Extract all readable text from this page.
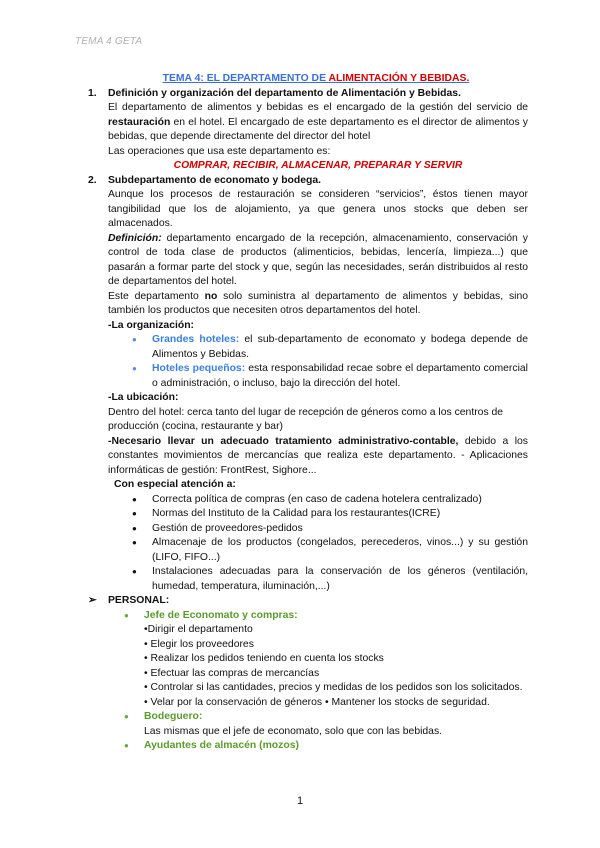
TEMA 4 GETA
TEMA 4: EL DEPARTAMENTO DE ALIMENTACIÓN Y BEBIDAS.
1.	Definición y organización del departamento de Alimentación y Bebidas.
El departamento de alimentos y bebidas es el encargado de la gestión del servicio de restauración en el hotel. El encargado de este departamento es el director de alimentos y bebidas, que depende directamente del director del hotel
Las operaciones que usa este departamento es:
COMPRAR, RECIBIR, ALMACENAR, PREPARAR Y SERVIR
2.	Subdepartamento de economato y bodega.
Aunque los procesos de restauración se consideren “servicios”, éstos tienen mayor tangibilidad que los de alojamiento, ya que genera unos stocks que deben ser almacenados.
Definición: departamento encargado de la recepción, almacenamiento, conservación y control de toda clase de productos (alimenticios, bebidas, lencería, limpieza...) que pasarán a formar parte del stock y que, según las necesidades, serán distribuidos al resto de departamentos del hotel.
Este departamento no solo suministra al departamento de alimentos y bebidas, sino también los productos que necesiten otros departamentos del hotel.
-La organización:
● Grandes hoteles: el sub-departamento de economato y bodega depende de Alimentos y Bebidas.
● Hoteles pequeños: esta responsabilidad recae sobre el departamento comercial o administración, o incluso, bajo la dirección del hotel.
-La ubicación:
Dentro del hotel: cerca tanto del lugar de recepción de géneros como a los centros de producción (cocina, restaurante y bar)
-Necesario llevar un adecuado tratamiento administrativo-contable, debido a los constantes movimientos de mercancías que realiza este departamento. - Aplicaciones informáticas de gestión: FrontRest, Sighore...
Con especial atención a:
● Correcta política de compras (en caso de cadena hotelera centralizado)
● Normas del Instituto de la Calidad para los restaurantes(ICRE)
● Gestión de proveedores-pedidos
● Almacenaje de los productos (congelados, perecederos, vinos...) y su gestión (LIFO, FIFO...)
● Instalaciones adecuadas para la conservación de los géneros (ventilación, humedad, temperatura, iluminación,...)
➢	PERSONAL:
● Jefe de Economato y compras:
•Dirigir el departamento
• Elegir los proveedores
• Realizar los pedidos teniendo en cuenta los stocks
• Efectuar las compras de mercancías
• Controlar si las cantidades, precios y medidas de los pedidos son los solicitados.
• Velar por la conservación de géneros • Mantener los stocks de seguridad.
● Bodeguero:
Las mismas que el jefe de economato, solo que con las bebidas.
● Ayudantes de almacén (mozos)
1
